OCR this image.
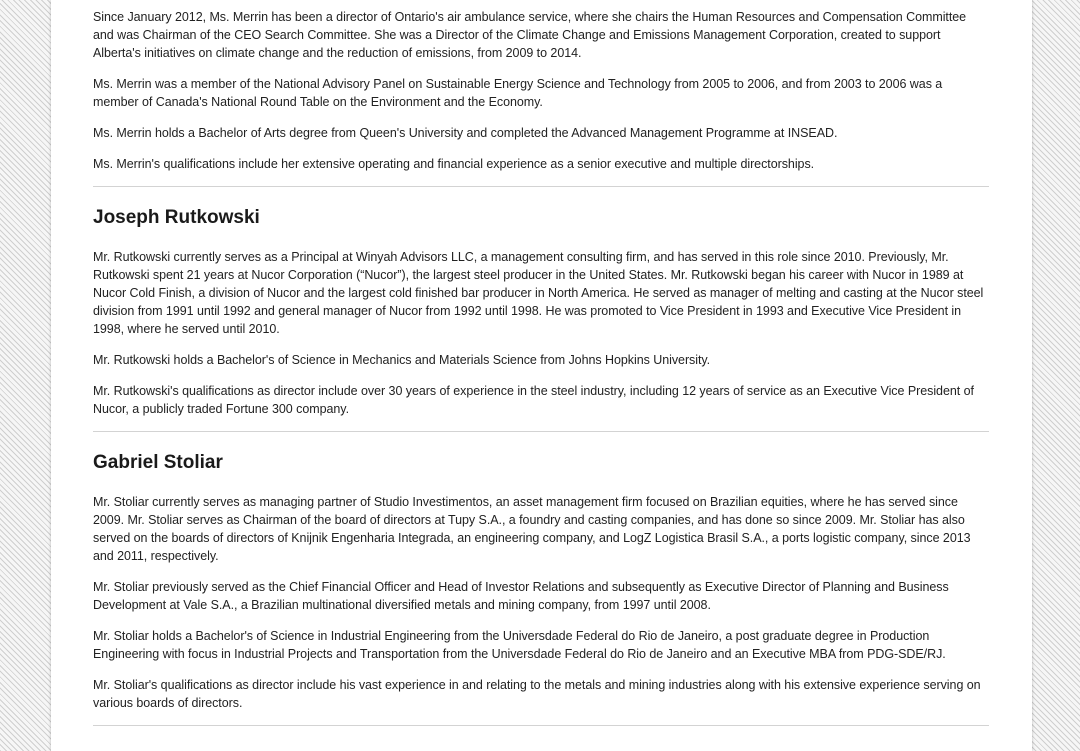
Since January 2012, Ms. Merrin has been a director of Ontario's air ambulance service, where she chairs the Human Resources and Compensation Committee and was Chairman of the CEO Search Committee. She was a Director of the Climate Change and Emissions Management Corporation, created to support Alberta's initiatives on climate change and the reduction of emissions, from 2009 to 2014.

Ms. Merrin was a member of the National Advisory Panel on Sustainable Energy Science and Technology from 2005 to 2006, and from 2003 to 2006 was a member of Canada's National Round Table on the Environment and the Economy.

Ms. Merrin holds a Bachelor of Arts degree from Queen's University and completed the Advanced Management Programme at INSEAD.

Ms. Merrin's qualifications include her extensive operating and financial experience as a senior executive and multiple directorships.

Joseph Rutkowski

Mr. Rutkowski currently serves as a Principal at Winyah Advisors LLC, a management consulting firm, and has served in this role since 2010. Previously, Mr. Rutkowski spent 21 years at Nucor Corporation (“Nucor”), the largest steel producer in the United States. Mr. Rutkowski began his career with Nucor in 1989 at Nucor Cold Finish, a division of Nucor and the largest cold finished bar producer in North America. He served as manager of melting and casting at the Nucor steel division from 1991 until 1992 and general manager of Nucor from 1992 until 1998. He was promoted to Vice President in 1993 and Executive Vice President in 1998, where he served until 2010.

Mr. Rutkowski holds a Bachelor's of Science in Mechanics and Materials Science from Johns Hopkins University.

Mr. Rutkowski's qualifications as director include over 30 years of experience in the steel industry, including 12 years of service as an Executive Vice President of Nucor, a publicly traded Fortune 300 company.

Gabriel Stoliar

Mr. Stoliar currently serves as managing partner of Studio Investimentos, an asset management firm focused on Brazilian equities, where he has served since 2009. Mr. Stoliar serves as Chairman of the board of directors at Tupy S.A., a foundry and casting companies, and has done so since 2009. Mr. Stoliar has also served on the boards of directors of Knijnik Engenharia Integrada, an engineering company, and LogZ Logistica Brasil S.A., a ports logistic company, since 2013 and 2011, respectively.

Mr. Stoliar previously served as the Chief Financial Officer and Head of Investor Relations and subsequently as Executive Director of Planning and Business Development at Vale S.A., a Brazilian multinational diversified metals and mining company, from 1997 until 2008.

Mr. Stoliar holds a Bachelor's of Science in Industrial Engineering from the Universdade Federal do Rio de Janeiro, a post graduate degree in Production Engineering with focus in Industrial Projects and Transportation from the Universdade Federal do Rio de Janeiro and an Executive MBA from PDG-SDE/RJ.

Mr. Stoliar's qualifications as director include his vast experience in and relating to the metals and mining industries along with his extensive experience serving on various boards of directors.
